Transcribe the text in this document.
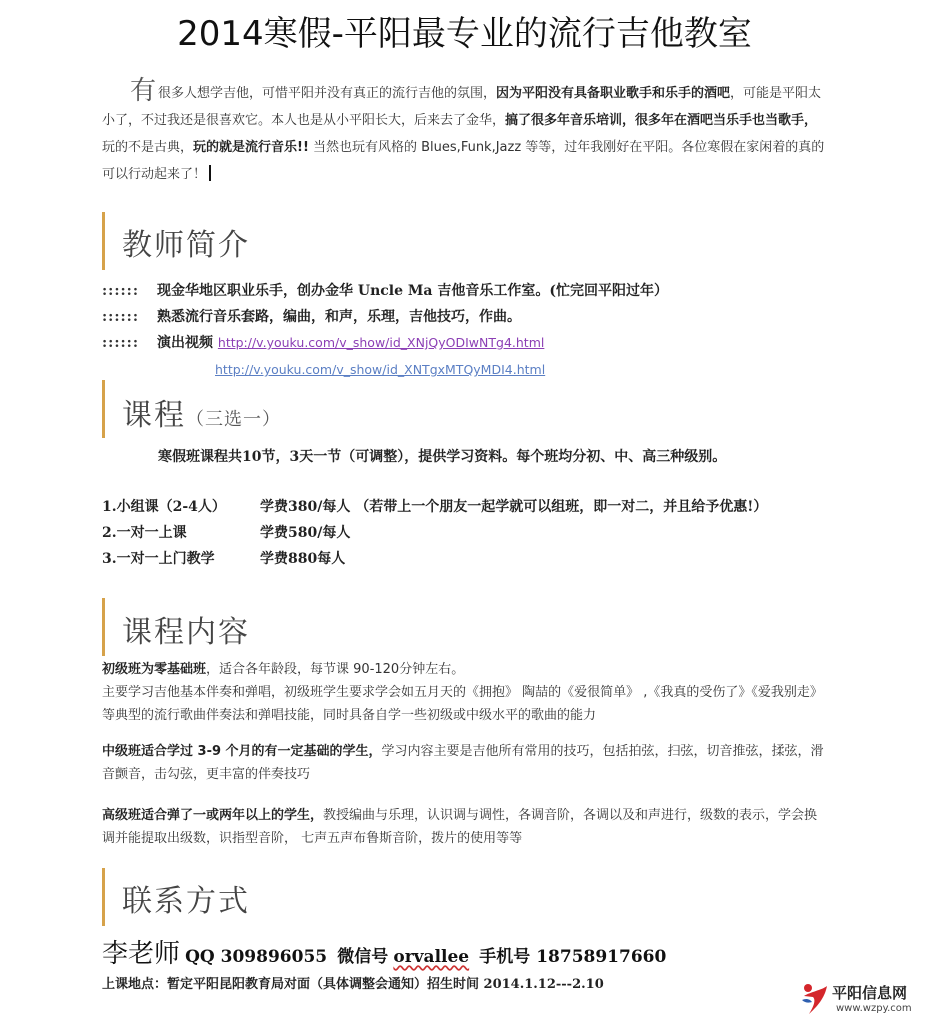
2014寒假-平阳最专业的流行吉他教室
有很多人想学吉他，可惜平阳并没有真正的流行吉他的氛围，因为平阳没有具备职业歌手和乐手的酒吧，可能是平阳太小了，不过我还是很喜欢它。本人也是从小平阳长大，后来去了金华，搞了很多年音乐培训，很多年在酒吧当乐手也当歌手，玩的不是古典，玩的就是流行音乐!! 当然也玩有风格的 Blues,Funk,Jazz 等等，过年我刚好在平阳。各位寒假在家闲着的真的可以行动起来了！
教师简介
:::::: 现金华地区职业乐手，创办金华 Uncle Ma 吉他音乐工作室。(忙完回平阳过年）
:::::: 熟悉流行音乐套路，编曲，和声，乐理，吉他技巧，作曲。
:::::: 演出视频 http://v.youku.com/v_show/id_XNjQyODIwNTg4.html
http://v.youku.com/v_show/id_XNTgxMTQyMDI4.html
课程（三选一）
寒假班课程共10节，3天一节（可调整），提供学习资料。每个班均分初、中、高三种级别。
1.小组课（2-4人） 学费380/每人 （若带上一个朋友一起学就可以组班，即一对二，并且给予优惠!）
2.一对一上课	学费580/每人
3.一对一上门教学	学费880每人
课程内容
初级班为零基础班，适合各年龄段，每节课 90-120分钟左右。
主要学习吉他基本伴奏和弹唱，初级班学生要求学会如五月天的《拥抱》 陶喆的《爱很简单》 ,《我真的受伤了》《爱我别走》等典型的流行歌曲伴奏法和弹唱技能，同时具备自学一些初级或中级水平的歌曲的能力
中级班适合学过 3-9 个月的有一定基础的学生，学习内容主要是吉他所有常用的技巧，包括拍弦，扫弦，切音推弦，揉弦，滑音颤音，击勾弦，更丰富的伴奏技巧
高级班适合弹了一或两年以上的学生，教授编曲与乐理，认识调与调性，各调音阶，各调以及和声进行，级数的表示，学会换调并能提取出级数，识指型音阶， 七声五声布鲁斯音阶，拨片的使用等等
联系方式
李老师 QQ 309896055 微信号 orvallee 手机号 18758917660
上课地点：暂定平阳昆阳教育局对面（具体调整会通知）招生时间 2014.1.12---2.10	平阳信息网
www.wzpy.com
